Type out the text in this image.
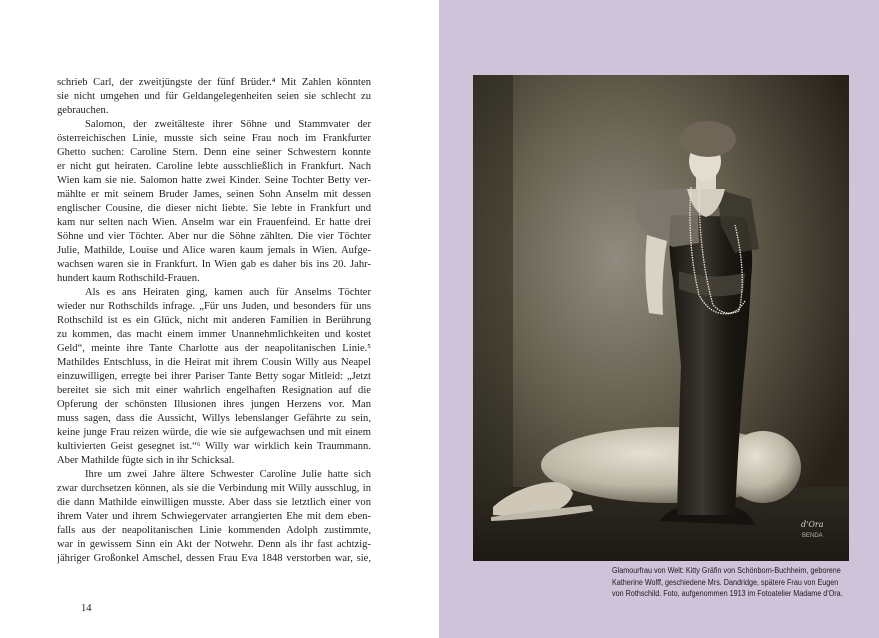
schrieb Carl, der zweitjüngste der fünf Brüder.⁴ Mit Zahlen könnten
sie nicht umgehen und für Geldangelegenheiten seien sie schlecht zu
gebrauchen.
Salomon, der zweitälteste ihrer Söhne und Stammvater der
österreichischen Linie, musste sich seine Frau noch im Frankfurter
Ghetto suchen: Caroline Stern. Denn eine seiner Schwestern konnte
er nicht gut heiraten. Caroline lebte ausschließlich in Frankfurt. Nach
Wien kam sie nie. Salomon hatte zwei Kinder. Seine Tochter Betty ver-
mählte er mit seinem Bruder James, seinen Sohn Anselm mit dessen
englischer Cousine, die dieser nicht liebte. Sie lebte in Frankfurt und
kam nur selten nach Wien. Anselm war ein Frauenfeind. Er hatte drei
Söhne und vier Töchter. Aber nur die Söhne zählten. Die vier Töchter
Julie, Mathilde, Louise und Alice waren kaum jemals in Wien. Aufge-
wachsen waren sie in Frankfurt. In Wien gab es daher bis ins 20. Jahr-
hundert kaum Rothschild-Frauen.
Als es ans Heiraten ging, kamen auch für Anselms Töchter
wieder nur Rothschilds infrage. „Für uns Juden, und besonders für uns
Rothschild ist es ein Glück, nicht mit anderen Familien in Berührung
zu kommen, das macht einem immer Unannehmlichkeiten und kostet
Geld“, meinte ihre Tante Charlotte aus der neapolitanischen Linie.⁵
Mathildes Entschluss, in die Heirat mit ihrem Cousin Willy aus Neapel
einzuwilligen, erregte bei ihrer Pariser Tante Betty sogar Mitleid: „Jetzt
bereitet sie sich mit einer wahrlich engelhaften Resignation auf die
Opferung der schönsten Illusionen ihres jungen Herzens vor. Man
muss sagen, dass die Aussicht, Willys lebenslanger Gefährte zu sein,
keine junge Frau reizen würde, die wie sie aufgewachsen und mit einem
kultivierten Geist gesegnet ist.“⁶ Willy war wirklich kein Traummann.
Aber Mathilde fügte sich in ihr Schicksal.
Ihre um zwei Jahre ältere Schwester Caroline Julie hatte sich
zwar durchsetzen können, als sie die Verbindung mit Willy ausschlug, in
die dann Mathilde einwilligen musste. Aber dass sie letztlich einer von
ihrem Vater und ihrem Schwiegervater arrangierten Ehe mit dem eben-
falls aus der neapolitanischen Linie kommenden Adolph zustimmte,
war in gewissem Sinn ein Akt der Notwehr. Denn als ihr fast achtzig-
jähriger Großonkel Amschel, dessen Frau Eva 1848 verstorben war, sie,
14
d'Ora
BENDA
Glamourfrau von Welt: Kitty Gräfin von Schönborn-Buchheim, geborene
Katherine Wolff, geschiedene Mrs. Dandridge, spätere Frau von Eugen
von Rothschild. Foto, aufgenommen 1913 im Fotoatelier Madame d'Ora.
